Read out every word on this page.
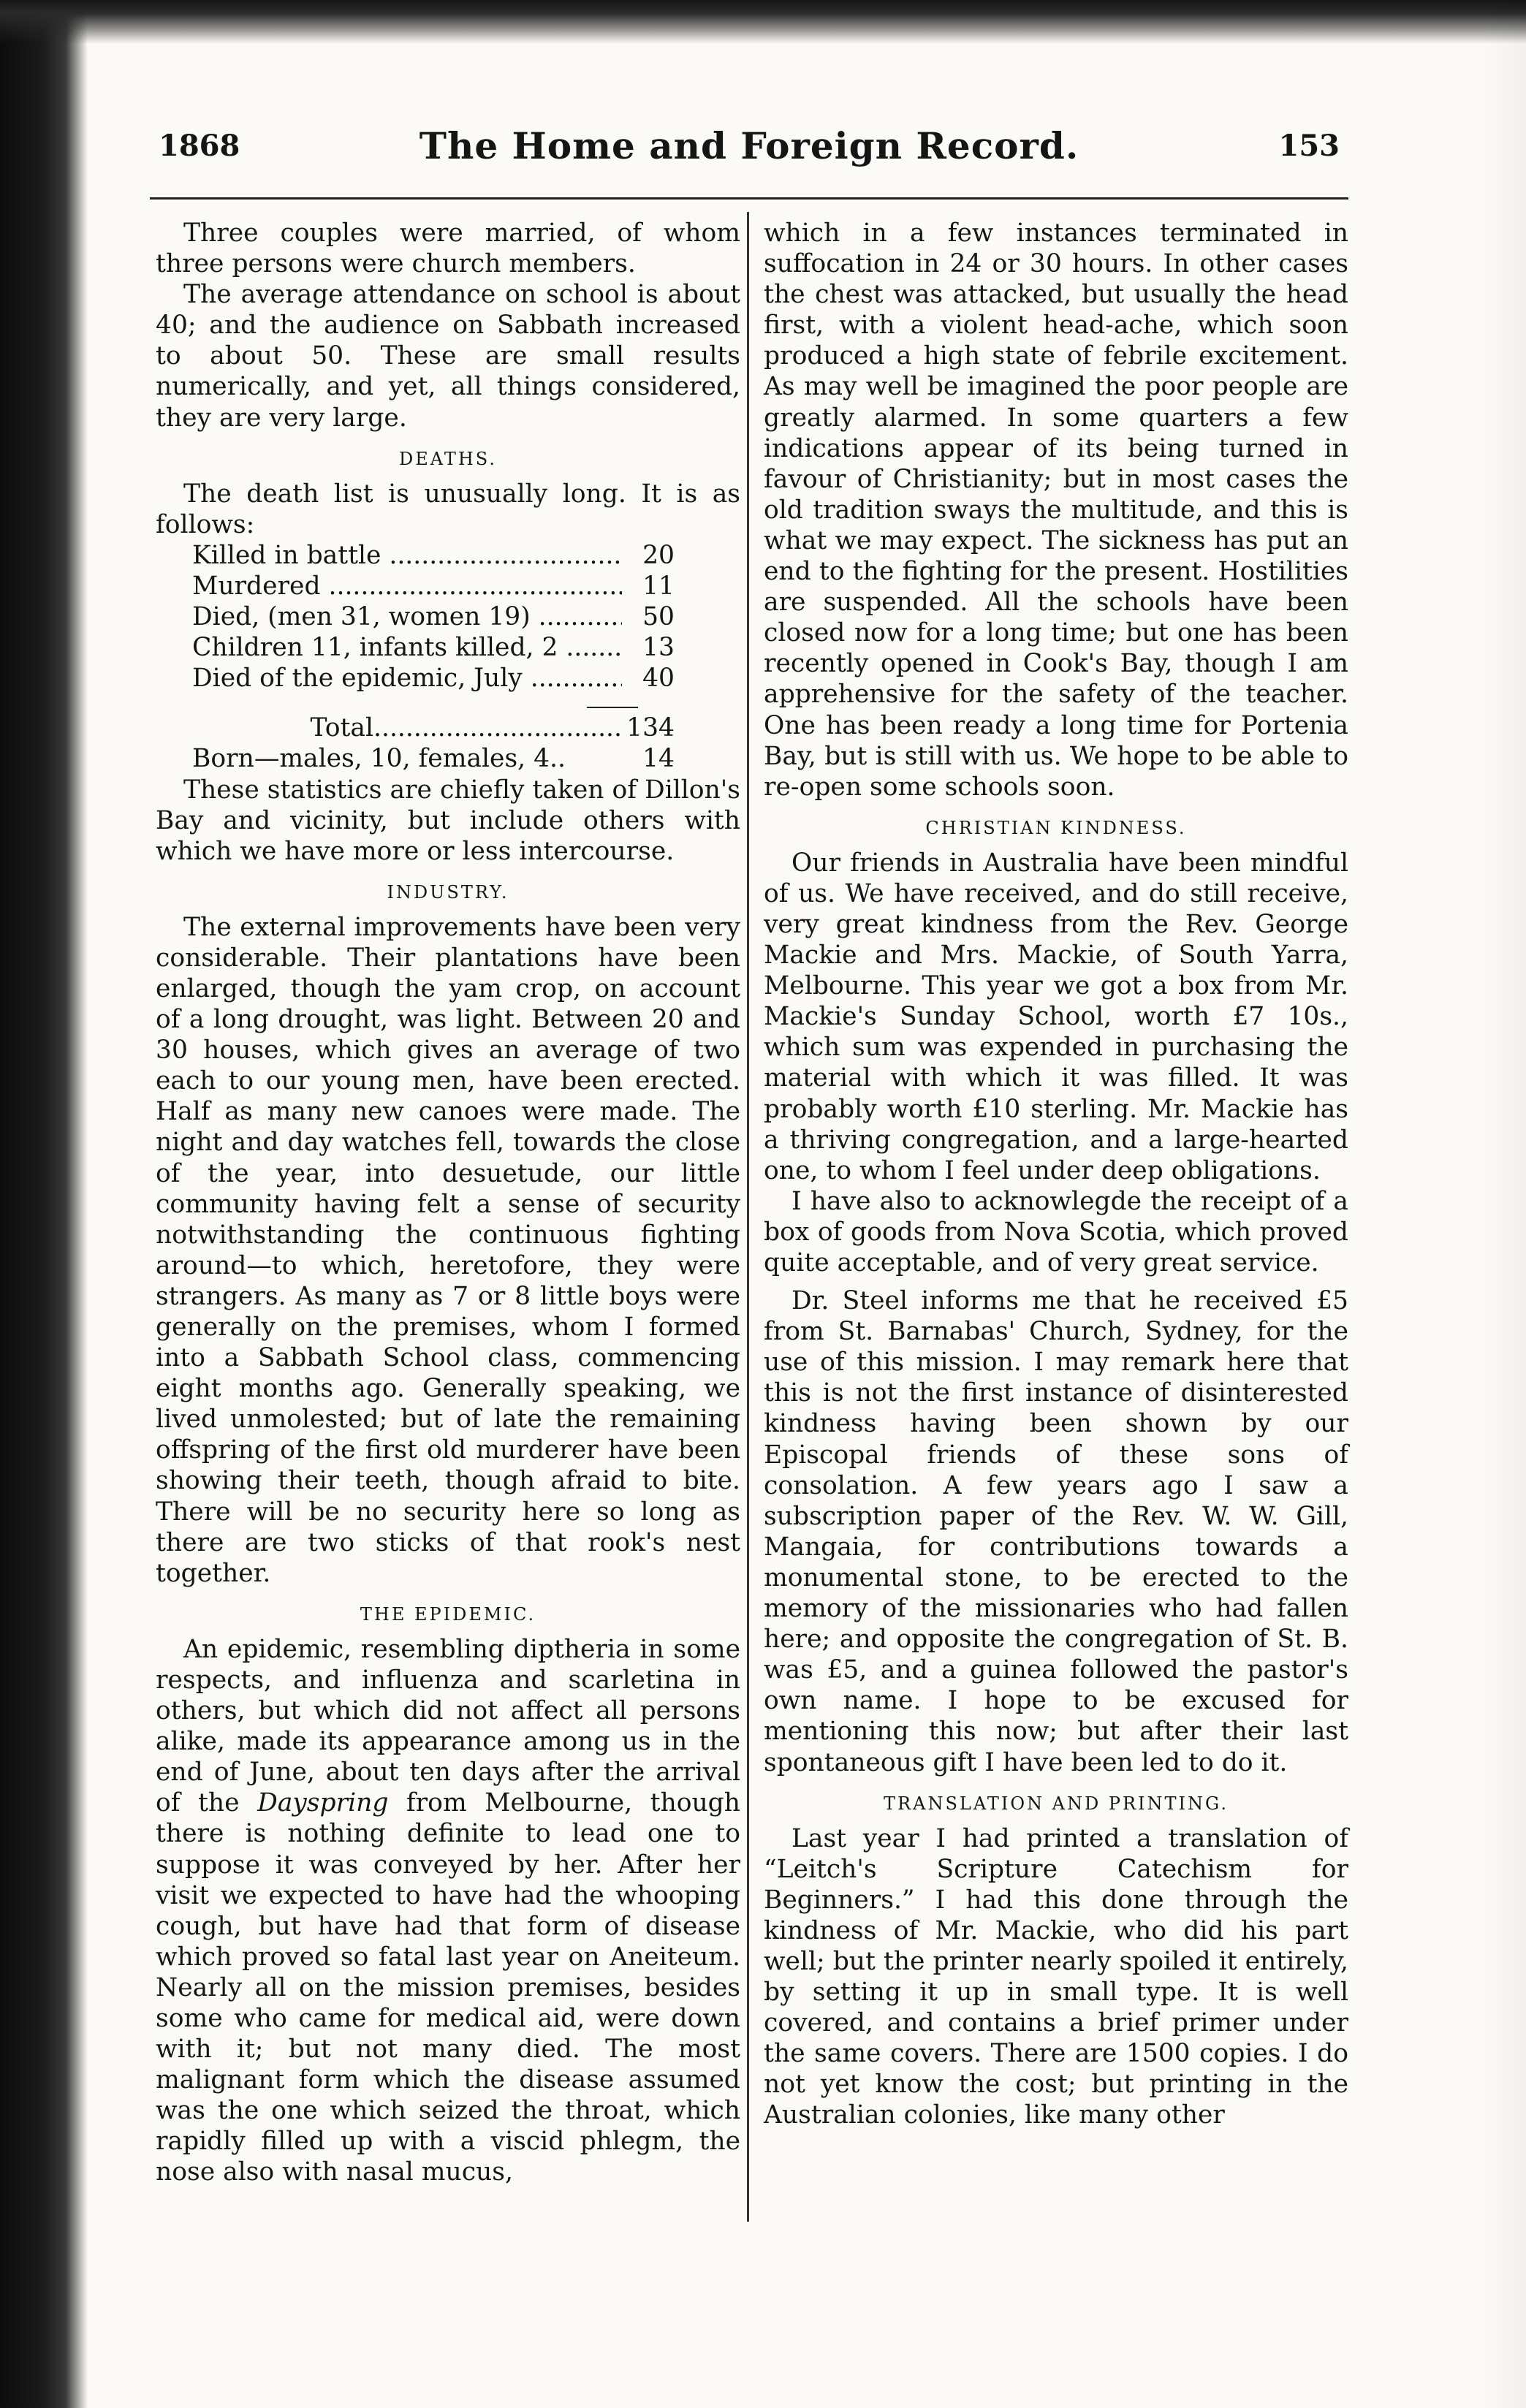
1868	The Home and Foreign Record.	153

Three couples were married, of whom three persons were church members.

The average attendance on school is about 40; and the audience on Sabbath increased to about 50. These are small results numerically, and yet, all things considered, they are very large.

DEATHS.

The death list is unusually long. It is as follows:

Killed in battle .....	20
Murdered .....	11
Died, (men 31, women 19) .....	50
Children 11, infants killed, 2 .....	13
Died of the epidemic, July .....	40
Total .....	134
Born—males, 10, females, 4..	14

These statistics are chiefly taken of Dillon's Bay and vicinity, but include others with which we have more or less intercourse.

INDUSTRY.

The external improvements have been very considerable. Their plantations have been enlarged, though the yam crop, on account of a long drought, was light. Between 20 and 30 houses, which gives an average of two each to our young men, have been erected. Half as many new canoes were made. The night and day watches fell, towards the close of the year, into desuetude, our little community having felt a sense of security notwithstanding the continuous fighting around—to which, heretofore, they were strangers. As many as 7 or 8 little boys were generally on the premises, whom I formed into a Sabbath School class, commencing eight months ago. Generally speaking, we lived unmolested; but of late the remaining offspring of the first old murderer have been showing their teeth, though afraid to bite. There will be no security here so long as there are two sticks of that rook's nest together.

THE EPIDEMIC.

An epidemic, resembling diptheria in some respects, and influenza and scarletina in others, but which did not affect all persons alike, made its appearance among us in the end of June, about ten days after the arrival of the Dayspring from Melbourne, though there is nothing definite to lead one to suppose it was conveyed by her. After her visit we expected to have had the whooping cough, but have had that form of disease which proved so fatal last year on Aneiteum. Nearly all on the mission premises, besides some who came for medical aid, were down with it; but not many died. The most malignant form which the disease assumed was the one which seized the throat, which rapidly filled up with a viscid phlegm, the nose also with nasal mucus,

which in a few instances terminated in suffocation in 24 or 30 hours. In other cases the chest was attacked, but usually the head first, with a violent head-ache, which soon produced a high state of febrile excitement. As may well be imagined the poor people are greatly alarmed. In some quarters a few indications appear of its being turned in favour of Christianity; but in most cases the old tradition sways the multitude, and this is what we may expect. The sickness has put an end to the fighting for the present. Hostilities are suspended. All the schools have been closed now for a long time; but one has been recently opened in Cook's Bay, though I am apprehensive for the safety of the teacher. One has been ready a long time for Portenia Bay, but is still with us. We hope to be able to re-open some schools soon.

CHRISTIAN KINDNESS.

Our friends in Australia have been mindful of us. We have received, and do still receive, very great kindness from the Rev. George Mackie and Mrs. Mackie, of South Yarra, Melbourne. This year we got a box from Mr. Mackie's Sunday School, worth £7 10s., which sum was expended in purchasing the material with which it was filled. It was probably worth £10 sterling. Mr. Mackie has a thriving congregation, and a large-hearted one, to whom I feel under deep obligations.

I have also to acknowlegde the receipt of a box of goods from Nova Scotia, which proved quite acceptable, and of very great service.

Dr. Steel informs me that he received £5 from St. Barnabas' Church, Sydney, for the use of this mission. I may remark here that this is not the first instance of disinterested kindness having been shown by our Episcopal friends of these sons of consolation. A few years ago I saw a subscription paper of the Rev. W. W. Gill, Mangaia, for contributions towards a monumental stone, to be erected to the memory of the missionaries who had fallen here; and opposite the congregation of St. B. was £5, and a guinea followed the pastor's own name. I hope to be excused for mentioning this now; but after their last spontaneous gift I have been led to do it.

TRANSLATION AND PRINTING.

Last year I had printed a translation of “Leitch's Scripture Catechism for Beginners.” I had this done through the kindness of Mr. Mackie, who did his part well; but the printer nearly spoiled it entirely, by setting it up in small type. It is well covered, and contains a brief primer under the same covers. There are 1500 copies. I do not yet know the cost; but printing in the Australian colonies, like many other
